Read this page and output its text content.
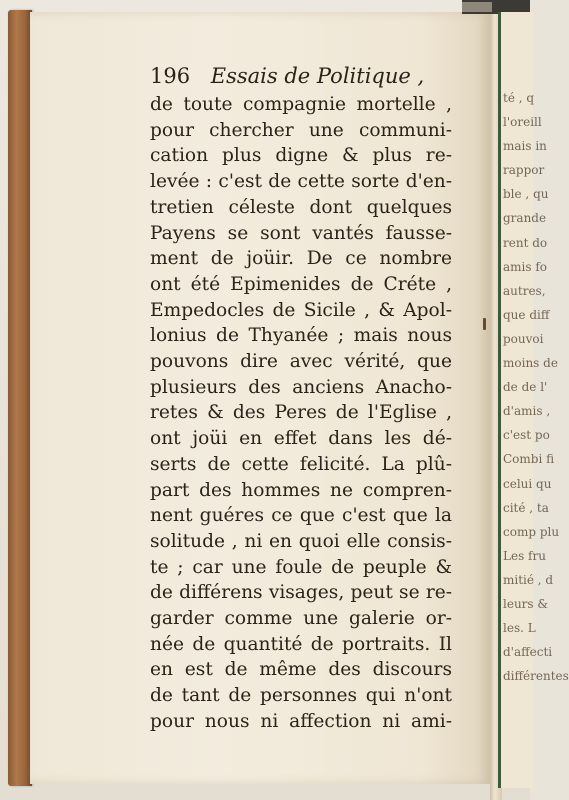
té , q
l'oreill
mais in
rappor
ble , qu
grande
rent do
amis fo
autres,
que diff
pouvoi
moins de
de de l'
d'amis ,
c'est po
Combi fi
celui qu
cité , ta
comp plu
Les fru
mitié , d
leurs &
les. L
d'affecti
différentes
196 Essais de Politique ,
de toute compagnie mortelle ,
pour chercher une communi-
cation plus digne & plus re-
levée : c'est de cette sorte d'en-
tretien céleste dont quelques
Payens se sont vantés fausse-
ment de joüir. De ce nombre
ont été Epimenides de Créte ,
Empedocles de Sicile , & Apol-
lonius de Thyanée ; mais nous
pouvons dire avec vérité, que
plusieurs des anciens Anacho-
retes & des Peres de l'Eglise ,
ont joüi en effet dans les dé-
serts de cette felicité. La plû-
part des hommes ne compren-
nent guéres ce que c'est que la
solitude , ni en quoi elle consis-
te ; car une foule de peuple &
de différens visages, peut se re-
garder comme une galerie or-
née de quantité de portraits. Il
en est de même des discours
de tant de personnes qui n'ont
pour nous ni affection ni ami-
